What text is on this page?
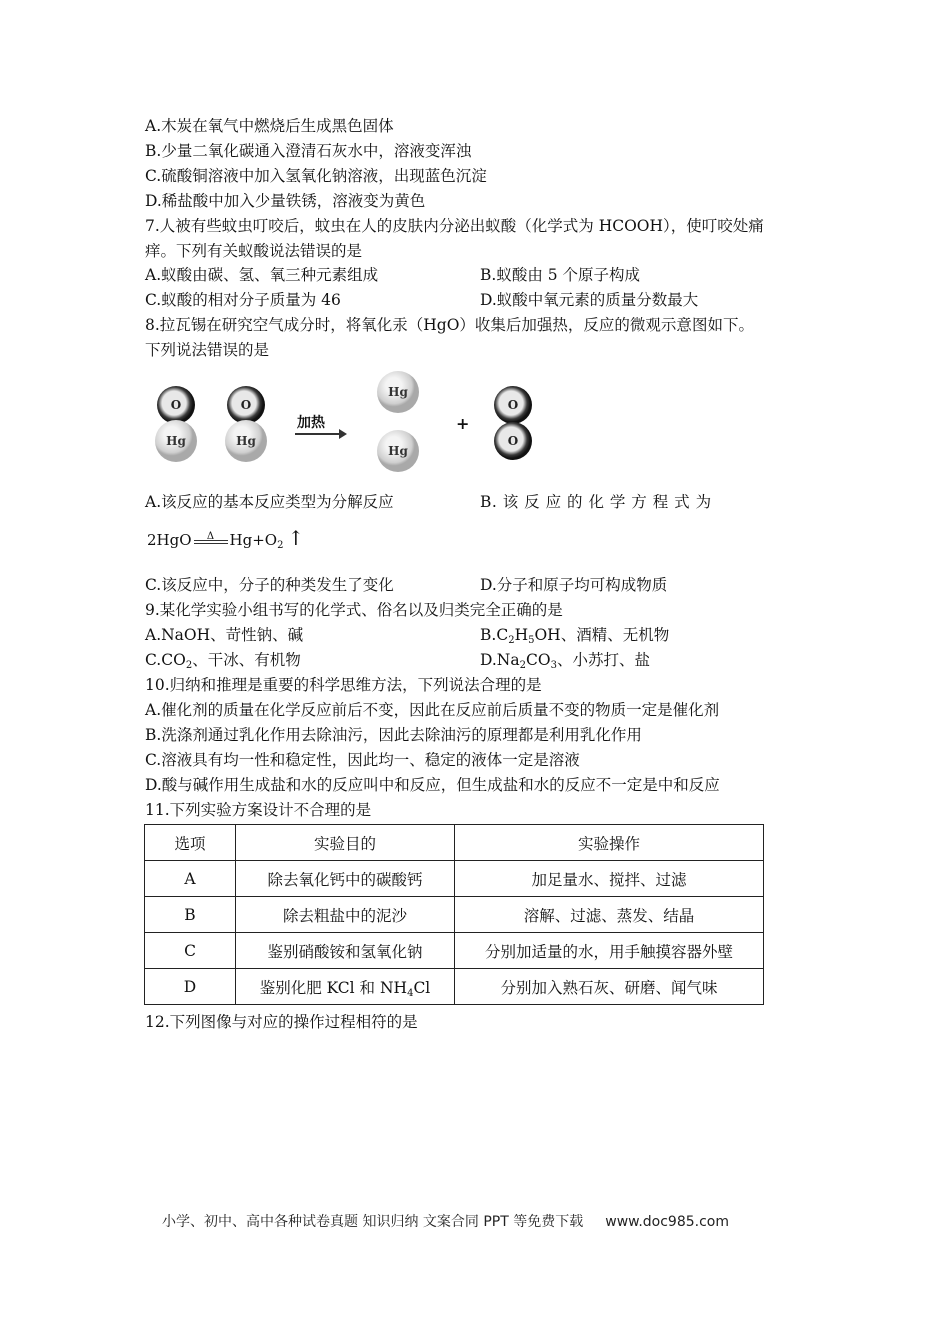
A.木炭在氧气中燃烧后生成黑色固体
B.少量二氧化碳通入澄清石灰水中，溶液变浑浊
C.硫酸铜溶液中加入氢氧化钠溶液，出现蓝色沉淀
D.稀盐酸中加入少量铁锈，溶液变为黄色
7.人被有些蚊虫叮咬后，蚊虫在人的皮肤内分泌出蚁酸（化学式为 HCOOH），使叮咬处痛
痒。下列有关蚁酸说法错误的是
A.蚁酸由碳、氢、氧三种元素组成	B.蚁酸由 5 个原子构成
C.蚁酸的相对分子质量为 46	D.蚁酸中氧元素的质量分数最大
8.拉瓦锡在研究空气成分时，将氧化汞（HgO）收集后加强热，反应的微观示意图如下。
下列说法错误的是
O
Hg
O
Hg
加热
Hg
Hg
+
O
O
A.该反应的基本反应类型为分解反应	B. 该 反 应 的 化 学 方 程 式 为
2HgO	Δ	$Hg+O_2$ ↑
C.该反应中，分子的种类发生了变化	D.分子和原子均可构成物质
9.某化学实验小组书写的化学式、俗名以及归类完全正确的是
A.NaOH、苛性钠、碱	$B.C_2H_5OH$、酒精、无机物
$C.CO_2$、干冰、有机物	$D.Na_2CO_3$、小苏打、盐
10.归纳和推理是重要的科学思维方法，下列说法合理的是
A.催化剂的质量在化学反应前后不变，因此在反应前后质量不变的物质一定是催化剂
B.洗涤剂通过乳化作用去除油污，因此去除油污的原理都是利用乳化作用
C.溶液具有均一性和稳定性，因此均一、稳定的液体一定是溶液
D.酸与碱作用生成盐和水的反应叫中和反应，但生成盐和水的反应不一定是中和反应
11.下列实验方案设计不合理的是
选项	实验目的	实验操作
A	除去氧化钙中的碳酸钙	加足量水、搅拌、过滤
B	除去粗盐中的泥沙	溶解、过滤、蒸发、结晶
C	鉴别硝酸铵和氢氧化钠	分别加适量的水，用手触摸容器外壁
D	鉴别化肥 KCl 和 $NH_4Cl$	分别加入熟石灰、研磨、闻气味
12.下列图像与对应的操作过程相符的是
小学、初中、高中各种试卷真题 知识归纳 文案合同 PPT 等免费下载 www.doc985.com
